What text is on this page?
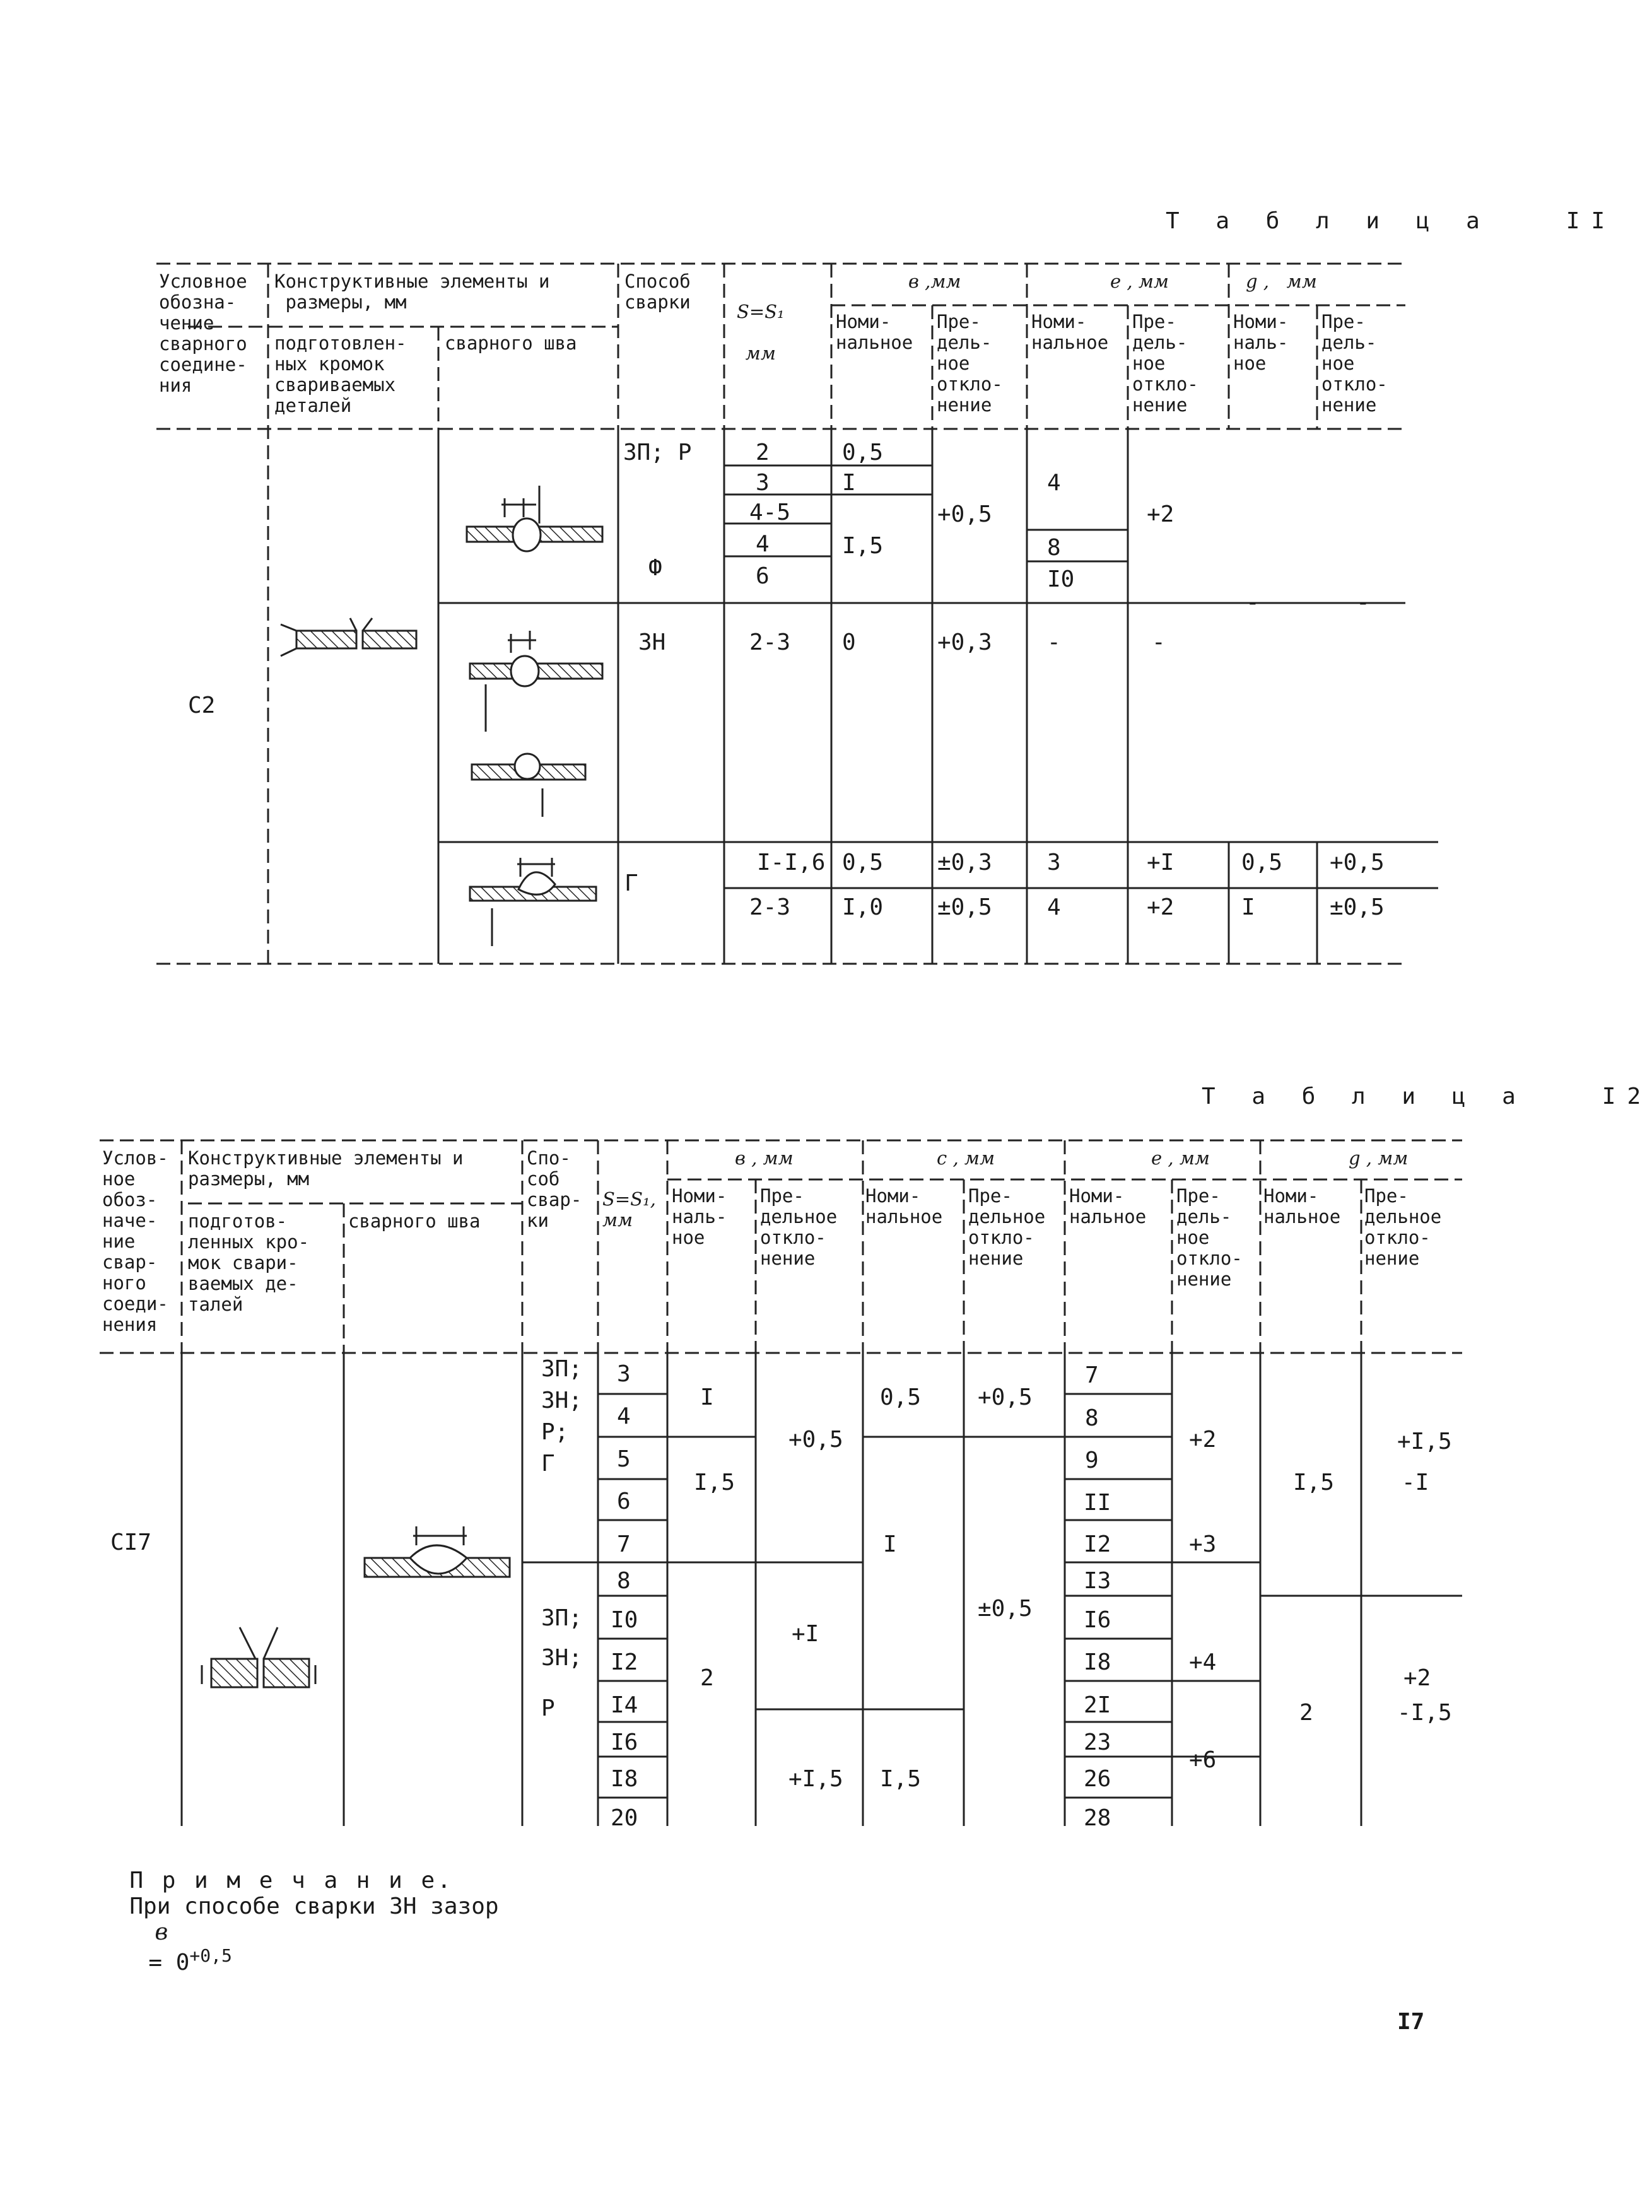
Т а б л и ц а   II
Условное
обозна-
чение
сварного
соедине-
ния
Конструктивные элементы и
размеры, мм
подготовлен-
ных кромок
свариваемых
деталей
сварного шва
Способ
сварки	S=S₁

мм
в ,мм
Номи-
нальное
Пре-
дель-
ное
откло-
нение
е , мм
Номи-
нальное
Пре-
дель-
ное
откло-
нение
g ,   мм
Номи-
наль-
ное
Пре-
дель-
ное
откло-
нение
C2
ЗП; Р
Ф
ЗН
Г
2
3
4-5
4
6
2-3
I-I,6
2-3
0,5
I
I,5
0
0,5
I,0
+0,5
+0,3
±0,3
±0,5
4
8
I0
-
3
4
+2
-
+I
+2
-
0,5
I
-
+0,5
±0,5
Т а б л и ц а   I2
Услов-
ное
обоз-
наче-
ние
свар-
ного
соеди-
нения
Конструктивные элементы и
размеры, мм
подготов-
ленных кро-
мок свари-
ваемых де-
талей
сварного шва
Спо-
соб
свар-
ки
S=S₁,
мм
в , мм
Номи-
наль-
ное
Пре-
дельное
откло-
нение
c , мм
Номи-
нальное
Пре-
дельное
откло-
нение
е , мм
Номи-
нальное
Пре-
дель-
ное
откло-
нение
g , мм
Номи-
нальное
Пре-
дельное
откло-
нение
CI7
ЗП;
ЗН;
Р;
Г
ЗП;
ЗН;
Р
3
4
5
6
7
8
I0
I2
I4
I6
I8
20
I
I,5
2
+0,5
+I
+I,5
0,5
I
I,5
+0,5
±0,5
7
8
9
II
I2
I3
I6
I8
2I
23
26
28
+2
+3
+4
+6
I,5
2
+I,5
-I
+2
-I,5

П р и м е ч а н и е.
При способе сварки ЗН зазор
в
= $0^{+0,5}$

I7
